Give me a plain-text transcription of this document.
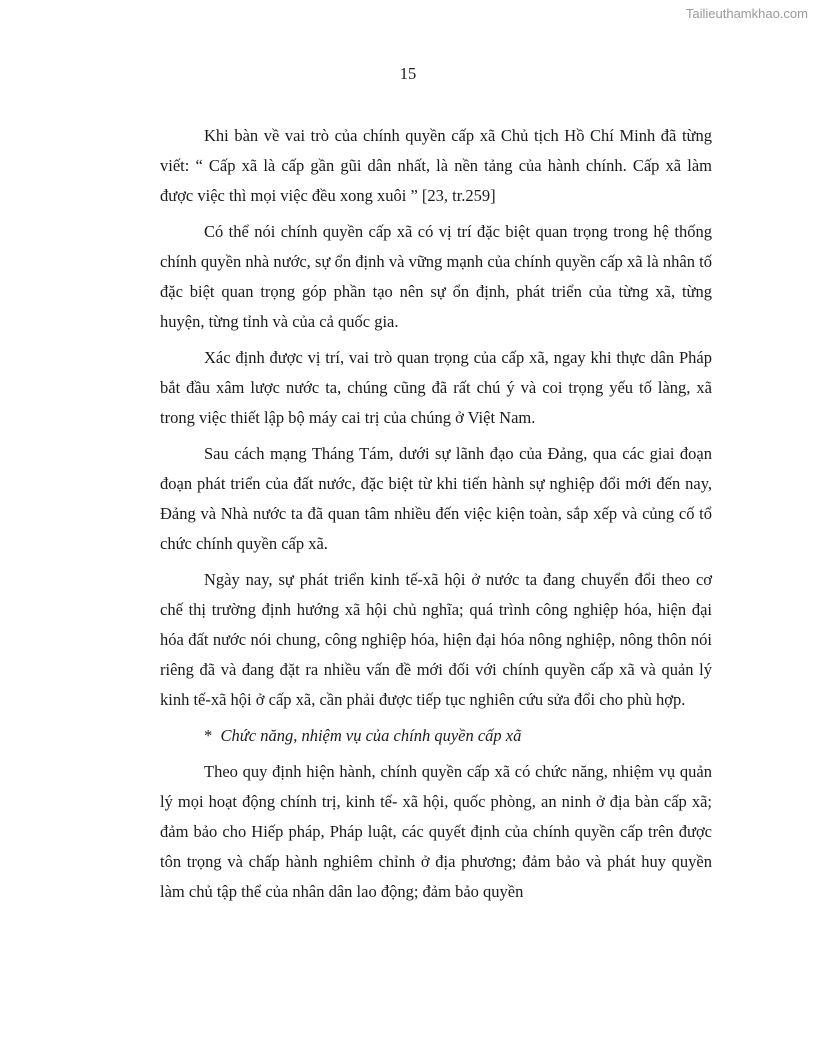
Tailieuthamkhao.com
15

Khi bàn về vai trò của chính quyền cấp xã Chủ tịch Hồ Chí Minh đã từng viết: “ Cấp xã là cấp gần gũi dân nhất, là nền tảng của hành chính. Cấp xã làm được việc thì mọi việc đều xong xuôi ” [23, tr.259]

Có thể nói chính quyền cấp xã có vị trí đặc biệt quan trọng trong hệ thống chính quyền nhà nước, sự ổn định và vững mạnh của chính quyền cấp xã là nhân tố đặc biệt quan trọng góp phần tạo nên sự ổn định, phát triển của từng xã, từng huyện, từng tỉnh và của cả quốc gia.

Xác định được vị trí, vai trò quan trọng của cấp xã, ngay khi thực dân Pháp bắt đầu xâm lược nước ta, chúng cũng đã rất chú ý và coi trọng yếu tố làng, xã trong việc thiết lập bộ máy cai trị của chúng ở Việt Nam.

Sau cách mạng Tháng Tám, dưới sự lãnh đạo của Đảng, qua các giai đoạn đoạn phát triển của đất nước, đặc biệt từ khi tiến hành sự nghiệp đổi mới đến nay, Đảng và Nhà nước ta đã quan tâm nhiều đến việc kiện toàn, sắp xếp và củng cố tổ chức chính quyền cấp xã.

Ngày nay, sự phát triển kinh tế-xã hội ở nước ta đang chuyển đổi theo cơ chế thị trường định hướng xã hội chủ nghĩa; quá trình công nghiệp hóa, hiện đại hóa đất nước nói chung, công nghiệp hóa, hiện đại hóa nông nghiệp, nông thôn nói riêng đã và đang đặt ra nhiều vấn đề mới đối với chính quyền cấp xã và quản lý kinh tế-xã hội ở cấp xã, cần phải được tiếp tục nghiên cứu sửa đổi cho phù hợp.

* Chức năng, nhiệm vụ của chính quyền cấp xã

Theo quy định hiện hành, chính quyền cấp xã có chức năng, nhiệm vụ quản lý mọi hoạt động chính trị, kinh tế- xã hội, quốc phòng, an ninh ở địa bàn cấp xã; đảm bảo cho Hiếp pháp, Pháp luật, các quyết định của chính quyền cấp trên được tôn trọng và chấp hành nghiêm chỉnh ở địa phương; đảm bảo và phát huy quyền làm chủ tập thể của nhân dân lao động; đảm bảo quyền
